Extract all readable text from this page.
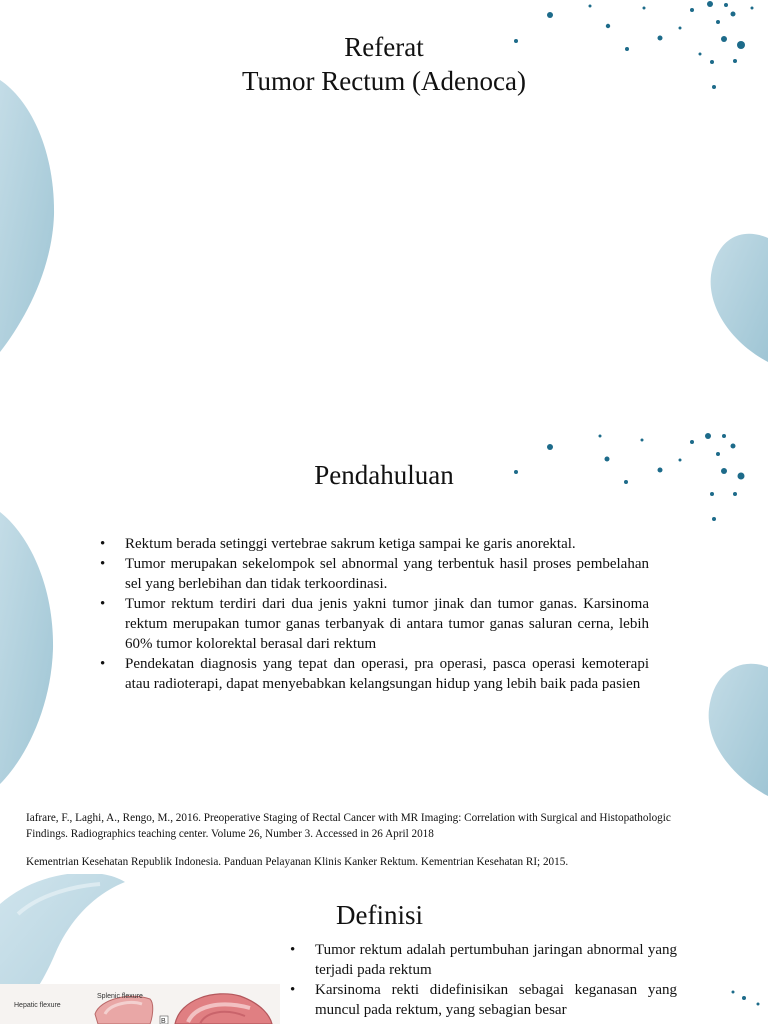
Referat
Tumor Rectum (Adenoca)
Pendahuluan
• Rektum berada setinggi vertebrae sakrum ketiga sampai ke garis anorektal.
• Tumor merupakan sekelompok sel abnormal yang terbentuk hasil proses pembelahan sel yang berlebihan dan tidak terkoordinasi.
• Tumor rektum terdiri dari dua jenis yakni tumor jinak dan tumor ganas. Karsinoma rektum merupakan tumor ganas terbanyak di antara tumor ganas saluran cerna, lebih 60% tumor kolorektal berasal dari rektum
• Pendekatan diagnosis yang tepat dan operasi, pra operasi, pasca operasi kemoterapi atau radioterapi, dapat menyebabkan kelangsungan hidup yang lebih baik pada pasien

Iafrare, F., Laghi, A., Rengo, M., 2016. Preoperative Staging of Rectal Cancer with MR Imaging: Correlation with Surgical and Histopathologic Findings. Radiographics teaching center. Volume 26, Number 3. Accessed in 26 April 2018

Kementrian Kesehatan Republik Indonesia. Panduan Pelayanan Klinis Kanker Rektum. Kementrian Kesehatan RI; 2015.

Definisi
• Tumor rektum adalah pertumbuhan jaringan abnormal yang terjadi pada rektum
• Karsinoma rekti didefinisikan sebagai keganasan yang muncul pada rektum, yang sebagian besar
Splenic flexure
Hepatic flexure
B
